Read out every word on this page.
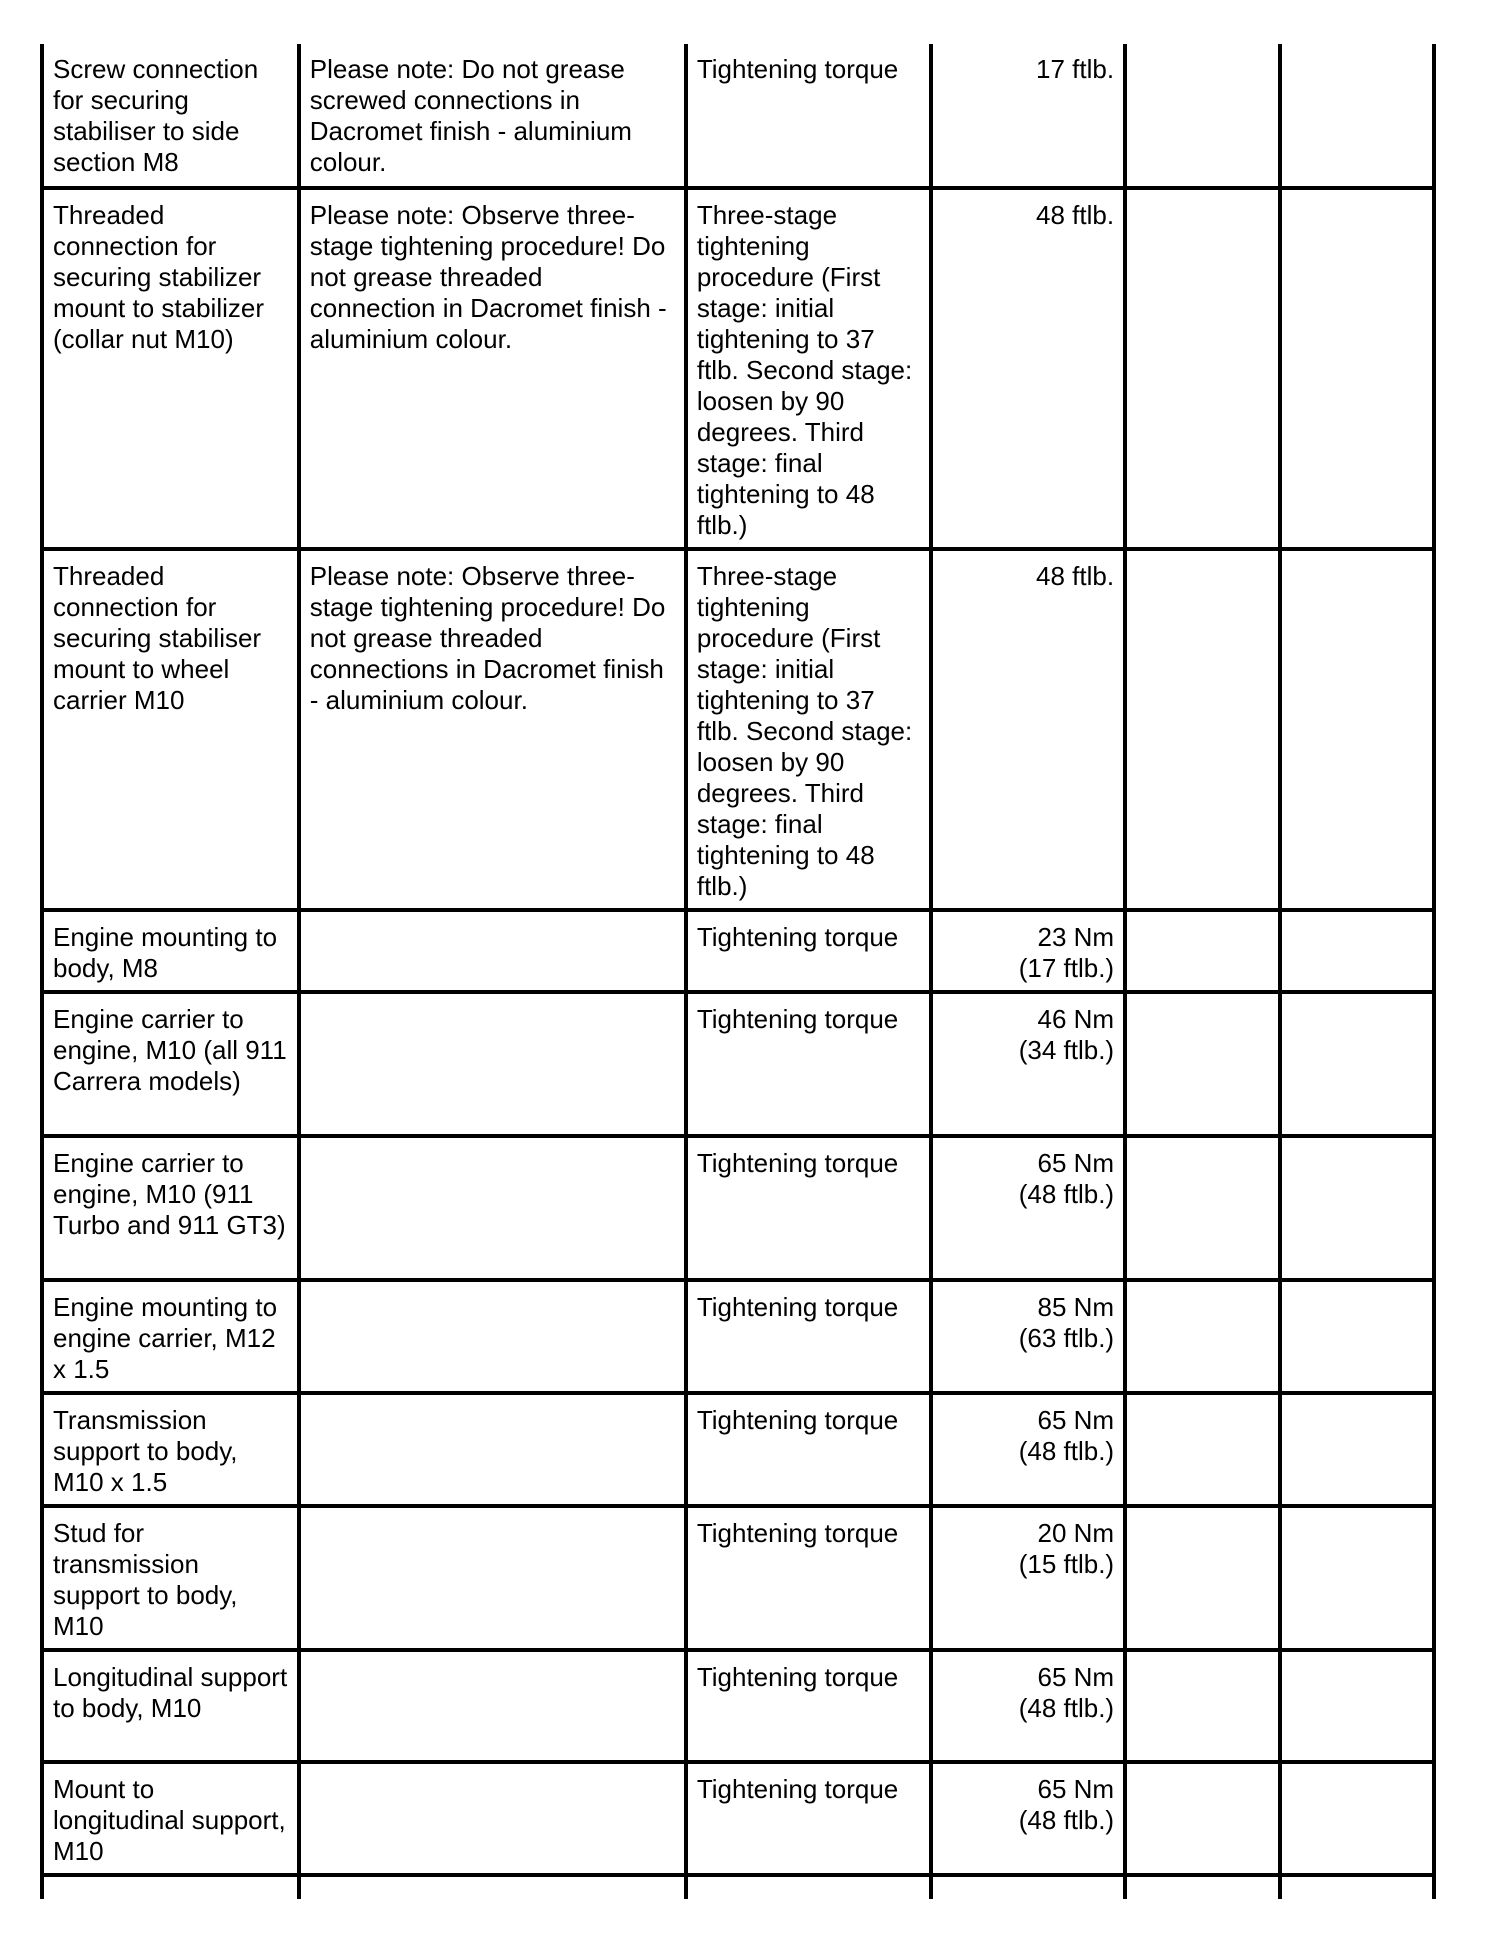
Screw connection for securing stabiliser to side section M8	Please note: Do not grease screwed connections in Dacromet finish - aluminium colour.	Tightening torque	17 ftlb.		

Threaded connection for securing stabilizer mount to stabilizer (collar nut M10)	Please note: Observe three-stage tightening procedure! Do not grease threaded connection in Dacromet finish - aluminium colour.	Three-stage tightening procedure (First stage: initial tightening to 37 ftlb. Second stage: loosen by 90 degrees. Third stage: final tightening to 48 ftlb.)	48 ftlb.		

Threaded connection for securing stabiliser mount to wheel carrier M10	Please note: Observe three-stage tightening procedure! Do not grease threaded connections in Dacromet finish - aluminium colour.	Three-stage tightening procedure (First stage: initial tightening to 37 ftlb. Second stage: loosen by 90 degrees. Third stage: final tightening to 48 ftlb.)	48 ftlb.		

Engine mounting to body, M8		Tightening torque	23 Nm
(17 ftlb.)		

Engine carrier to engine, M10 (all 911 Carrera models)		Tightening torque	46 Nm
(34 ftlb.)		

Engine carrier to engine, M10 (911 Turbo and 911 GT3)		Tightening torque	65 Nm
(48 ftlb.)		

Engine mounting to engine carrier, M12 x 1.5		Tightening torque	85 Nm
(63 ftlb.)		

Transmission support to body, M10 x 1.5		Tightening torque	65 Nm
(48 ftlb.)		

Stud for transmission support to body, M10		Tightening torque	20 Nm
(15 ftlb.)		

Longitudinal support to body, M10		Tightening torque	65 Nm
(48 ftlb.)		

Mount to longitudinal support, M10		Tightening torque	65 Nm
(48 ftlb.)		
